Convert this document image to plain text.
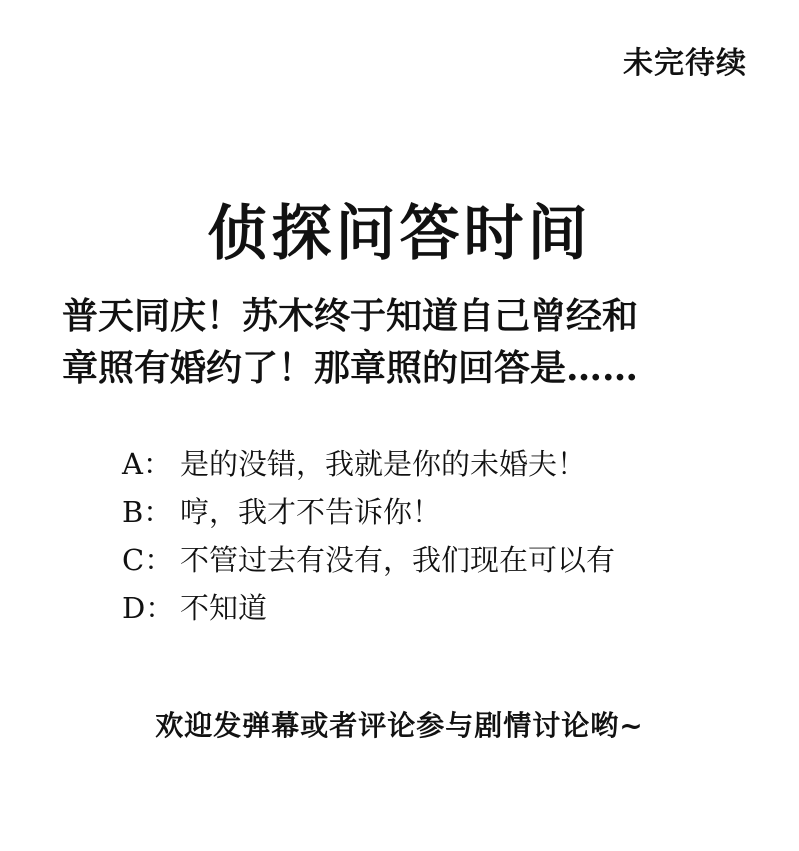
未完待续
侦探问答时间
普天同庆！苏木终于知道自己曾经和
章照有婚约了！那章照的回答是……
A： 是的没错，我就是你的未婚夫！
B： 哼，我才不告诉你！
C： 不管过去有没有，我们现在可以有
D： 不知道
欢迎发弹幕或者评论参与剧情讨论哟~
